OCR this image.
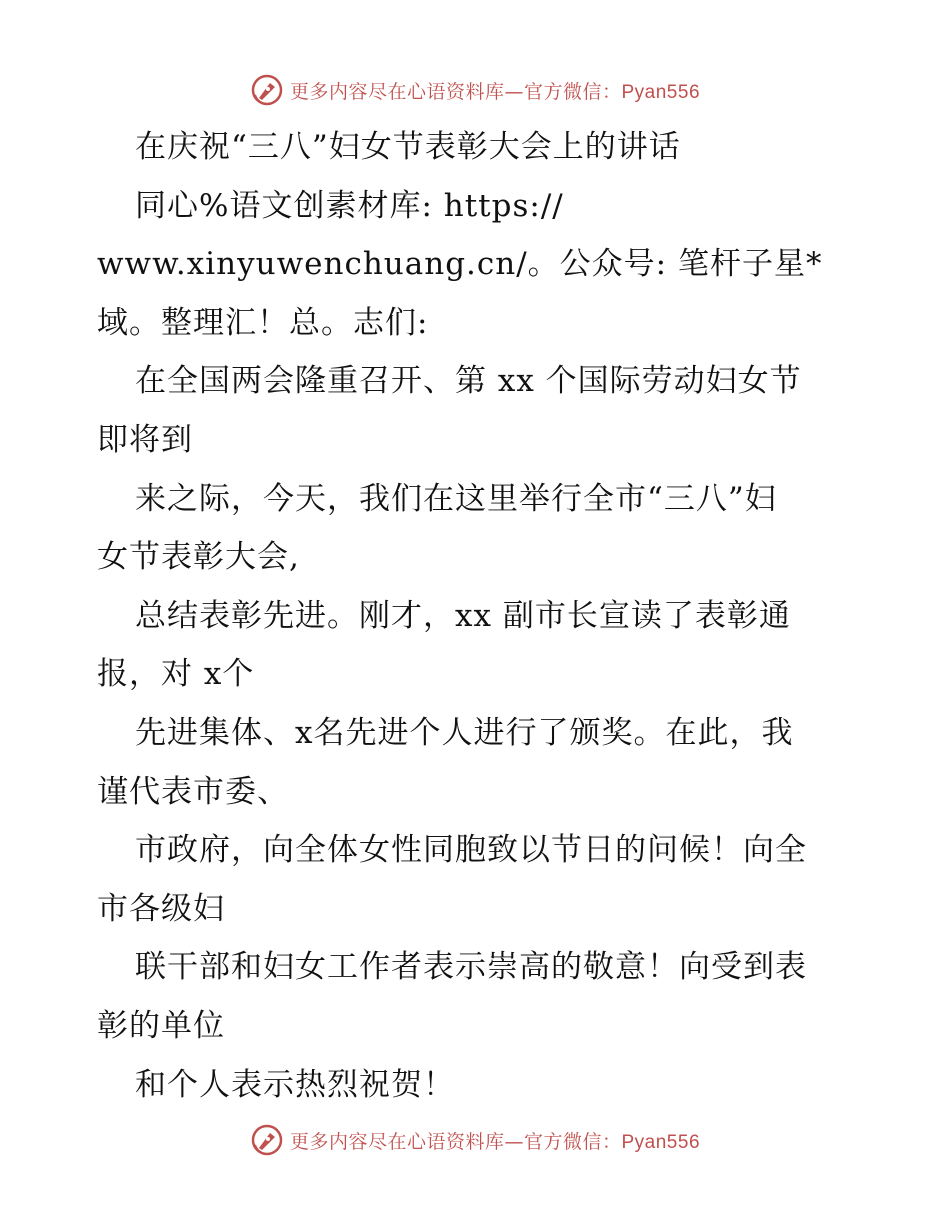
更多内容尽在心语资料库—官方微信：Pyan556
在庆祝“三八”妇女节表彰大会上的讲话
同心%语文创素材库: https://
www.xinyuwenchuang.cn/。公众号: 笔杆子星*
域。整理汇！总。志们:
在全国两会隆重召开、第 xx 个国际劳动妇女节
即将到
来之际，今天，我们在这里举行全市“三八”妇
女节表彰大会,
总结表彰先进。刚才，xx 副市长宣读了表彰通
报，对 x个
先进集体、x名先进个人进行了颁奖。在此，我
谨代表市委、
市政府，向全体女性同胞致以节日的问候！向全
市各级妇
联干部和妇女工作者表示崇高的敬意！向受到表
彰的单位
和个人表示热烈祝贺！
更多内容尽在心语资料库—官方微信：Pyan556
